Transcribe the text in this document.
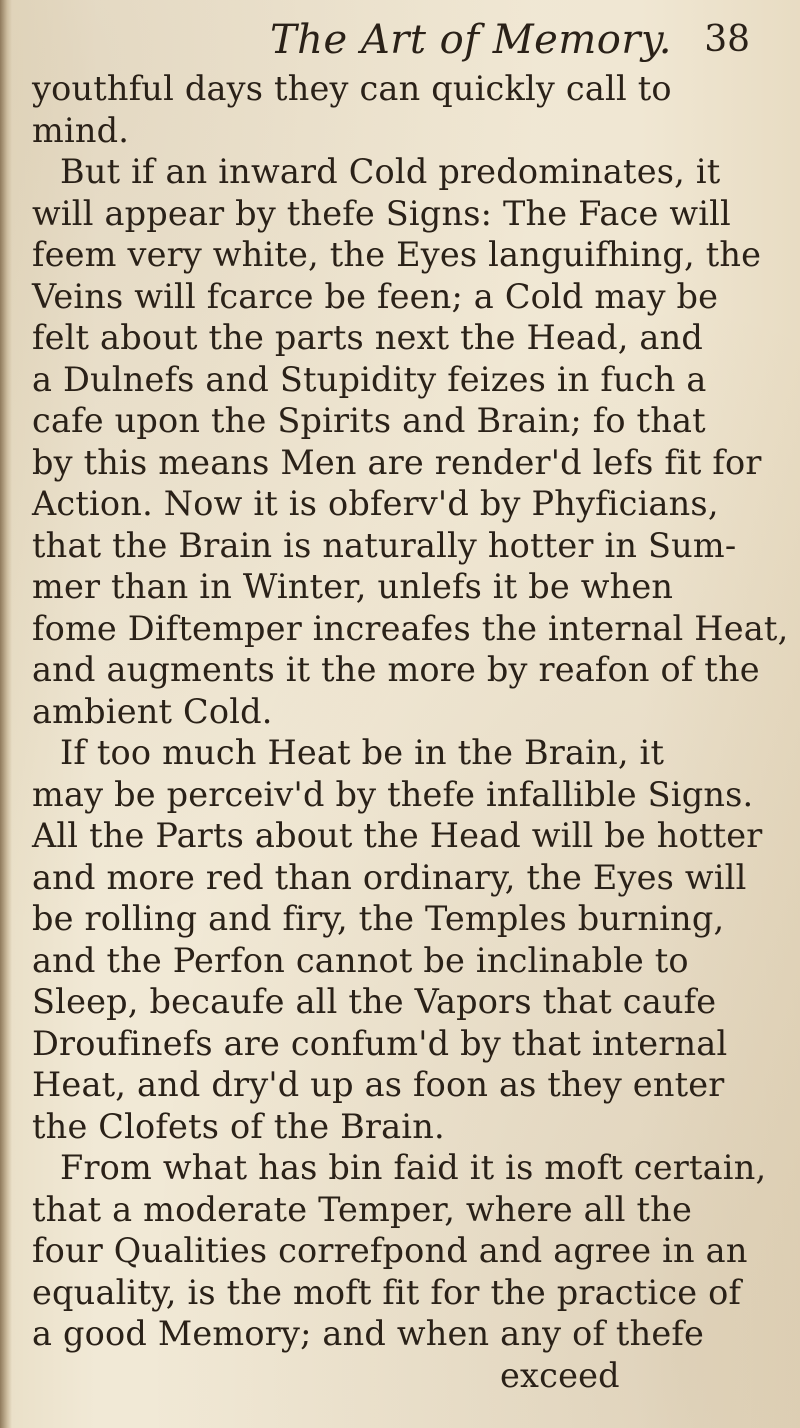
The Art of Memory. 38
youthful days they can quickly call to
mind.
But if an inward Cold predominates, it
will appear by thefe Signs: The Face will
feem very white, the Eyes languifhing, the
Veins will fcarce be feen; a Cold may be
felt about the parts next the Head, and
a Dulnefs and Stupidity feizes in fuch a
cafe upon the Spirits and Brain; fo that
by this means Men are render'd lefs fit for
Action. Now it is obferv'd by Phyficians,
that the Brain is naturally hotter in Sum-
mer than in Winter, unlefs it be when
fome Diftemper increafes the internal Heat,
and augments it the more by reafon of the
ambient Cold.
If too much Heat be in the Brain, it
may be perceiv'd by thefe infallible Signs.
All the Parts about the Head will be hotter
and more red than ordinary, the Eyes will
be rolling and firy, the Temples burning,
and the Perfon cannot be inclinable to
Sleep, becaufe all the Vapors that caufe
Droufinefs are confum'd by that internal
Heat, and dry'd up as foon as they enter
the Clofets of the Brain.
From what has bin faid it is moft certain,
that a moderate Temper, where all the
four Qualities correfpond and agree in an
equality, is the moft fit for the practice of
a good Memory; and when any of thefe
exceed
